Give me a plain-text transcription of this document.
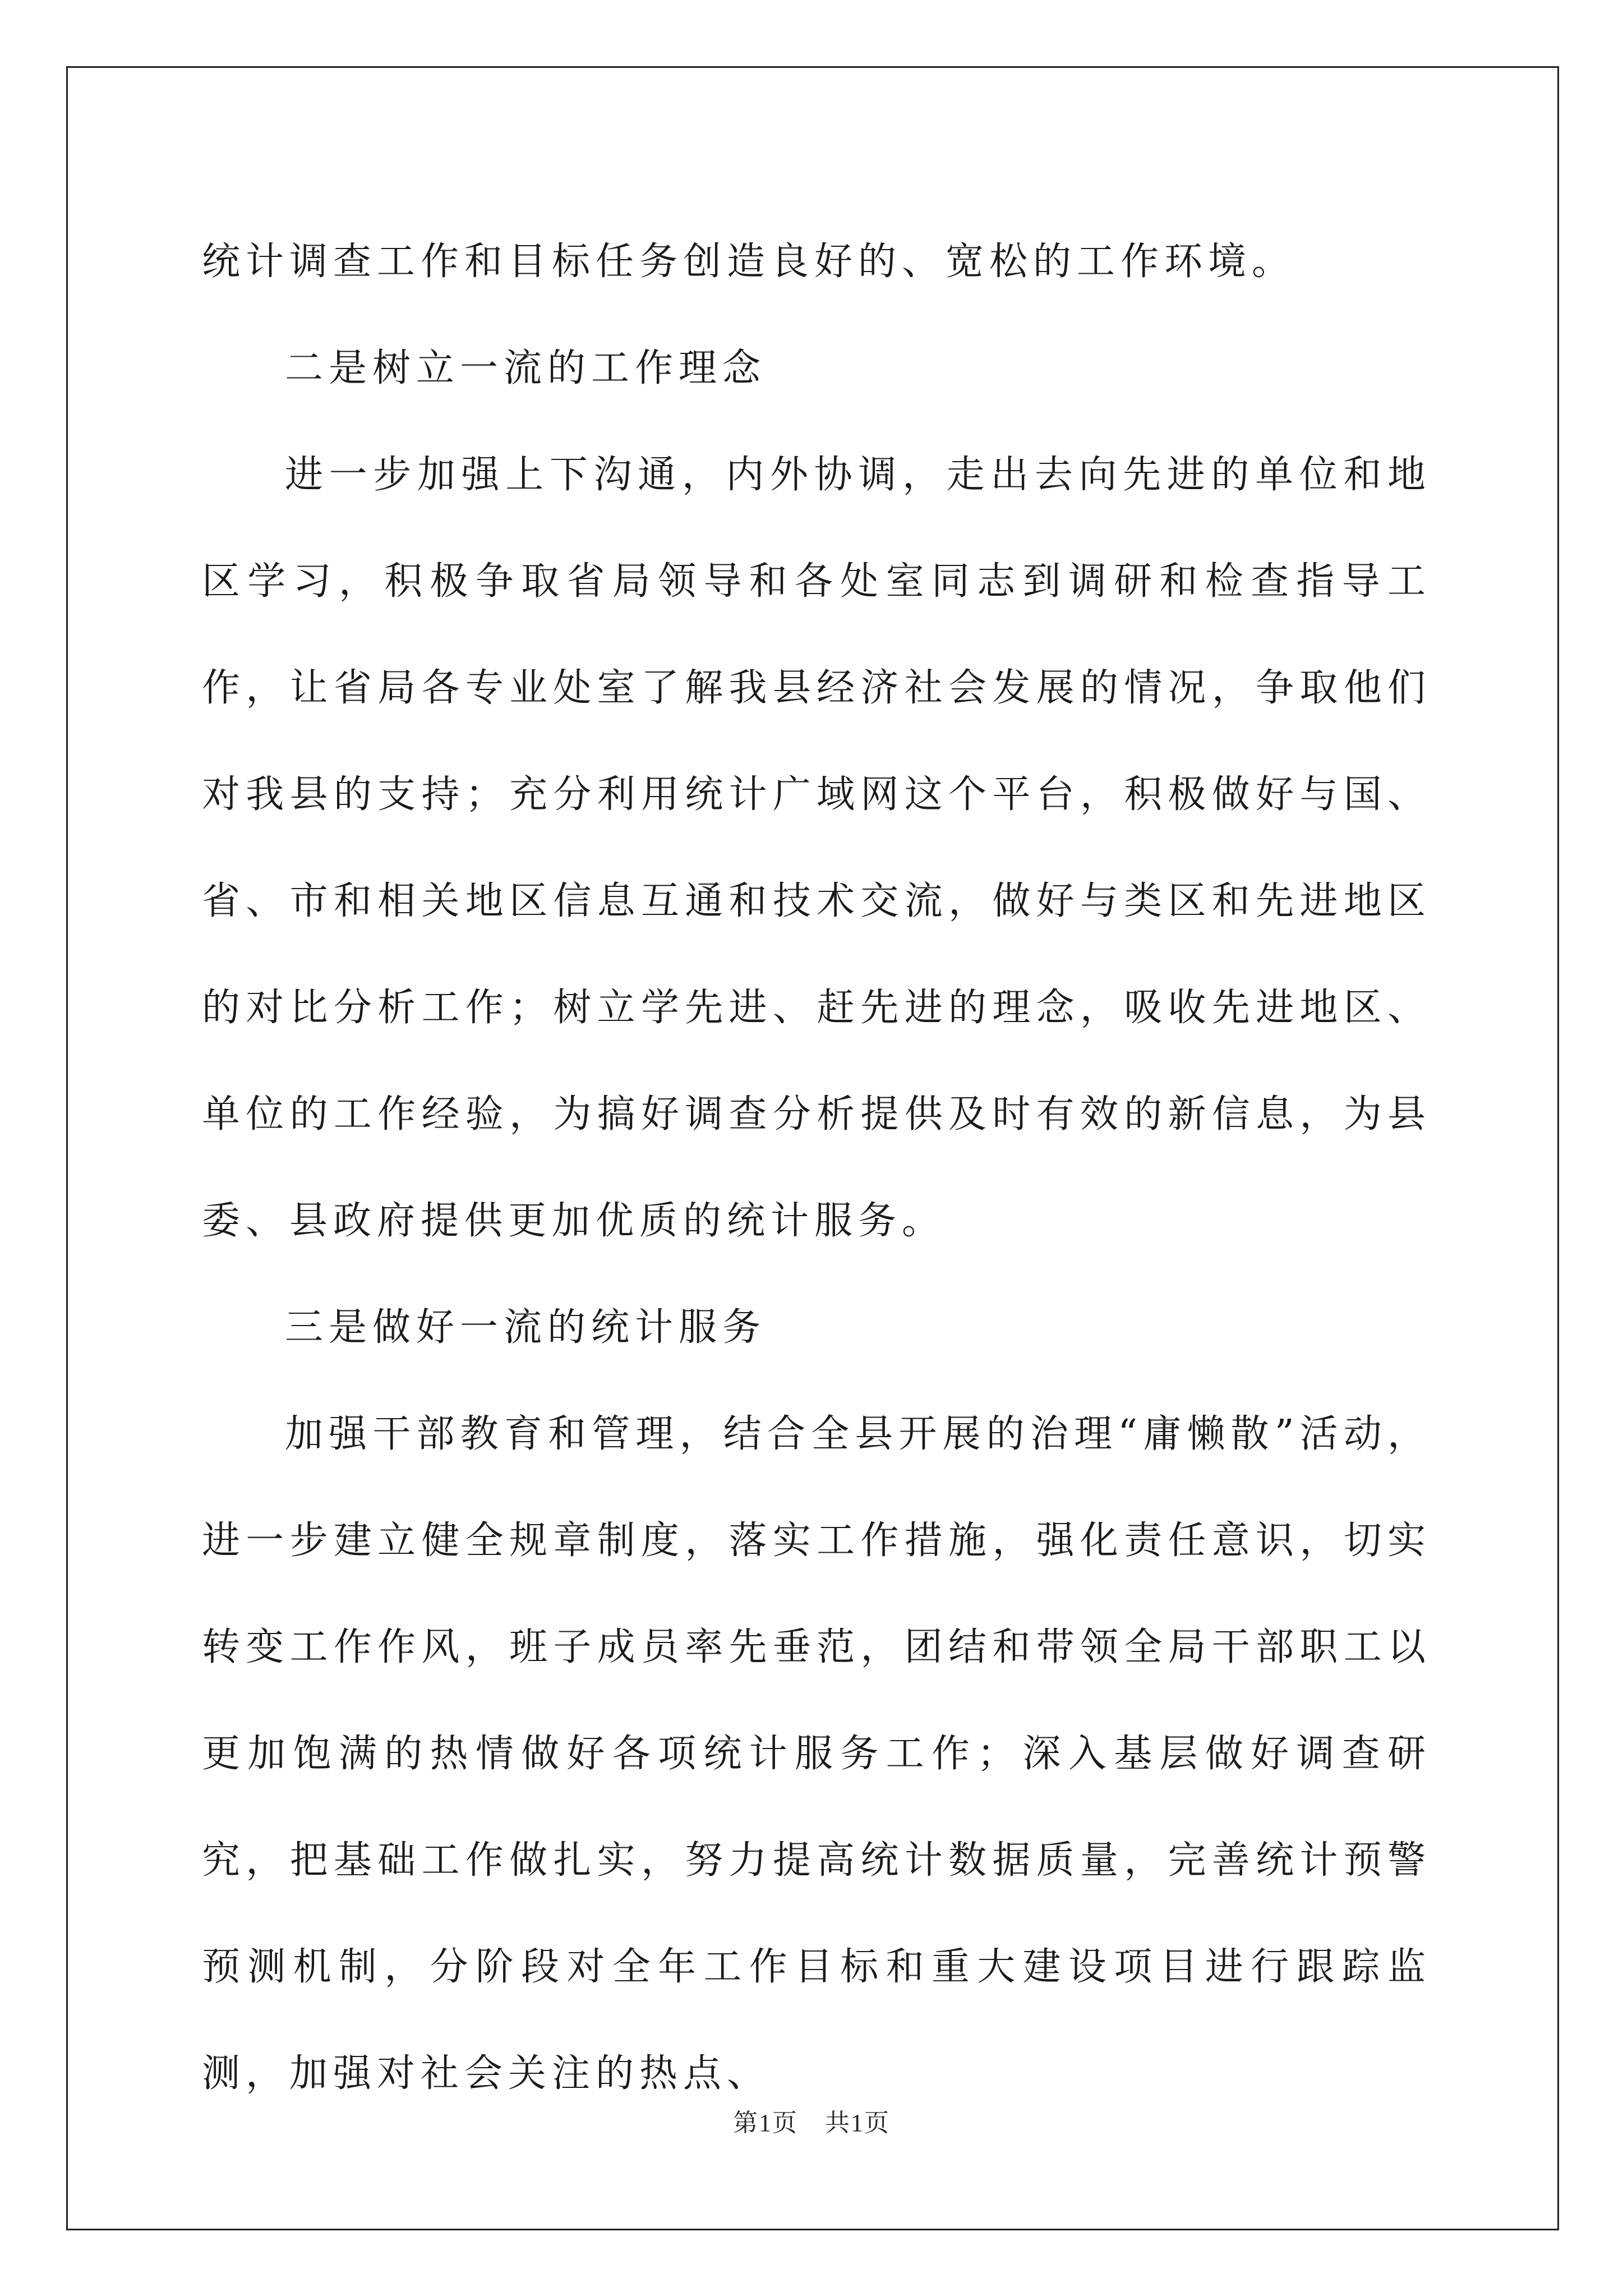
统计调查工作和目标任务创造良好的、宽松的工作环境。

二是树立一流的工作理念

进一步加强上下沟通，内外协调，走出去向先进的单位和地区学习，积极争取省局领导和各处室同志到调研和检查指导工作，让省局各专业处室了解我县经济社会发展的情况，争取他们对我县的支持；充分利用统计广域网这个平台，积极做好与国、省、市和相关地区信息互通和技术交流，做好与类区和先进地区的对比分析工作；树立学先进、赶先进的理念，吸收先进地区、单位的工作经验，为搞好调查分析提供及时有效的新信息，为县委、县政府提供更加优质的统计服务。

三是做好一流的统计服务

加强干部教育和管理，结合全县开展的治理“庸懒散”活动，进一步建立健全规章制度，落实工作措施，强化责任意识，切实转变工作作风，班子成员率先垂范，团结和带领全局干部职工以更加饱满的热情做好各项统计服务工作；深入基层做好调查研究，把基础工作做扎实，努力提高统计数据质量，完善统计预警预测机制，分阶段对全年工作目标和重大建设项目进行跟踪监测，加强对社会关注的热点、

第1页 共1页
